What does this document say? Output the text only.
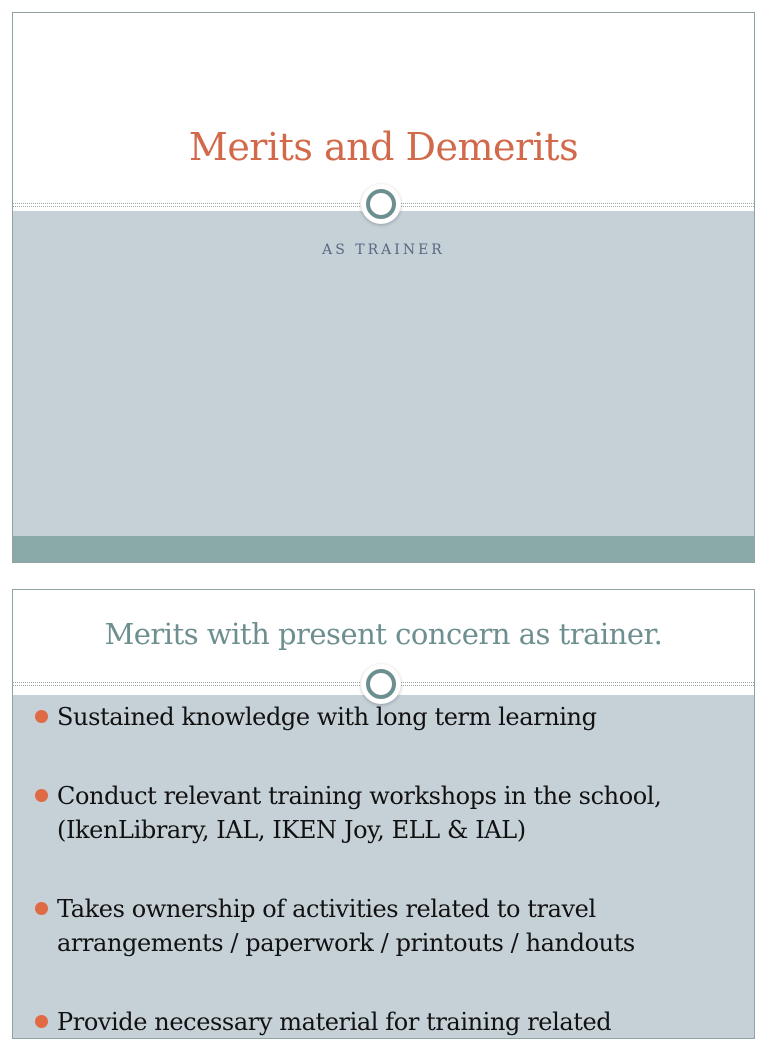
Merits and Demerits
AS TRAINER
Merits with present concern as trainer.
Sustained knowledge with long term learning
Conduct relevant training workshops in the school, (IkenLibrary, IAL, IKEN Joy, ELL & IAL)
Takes ownership of activities related to travel arrangements / paperwork / printouts / handouts
Provide necessary material for training related
